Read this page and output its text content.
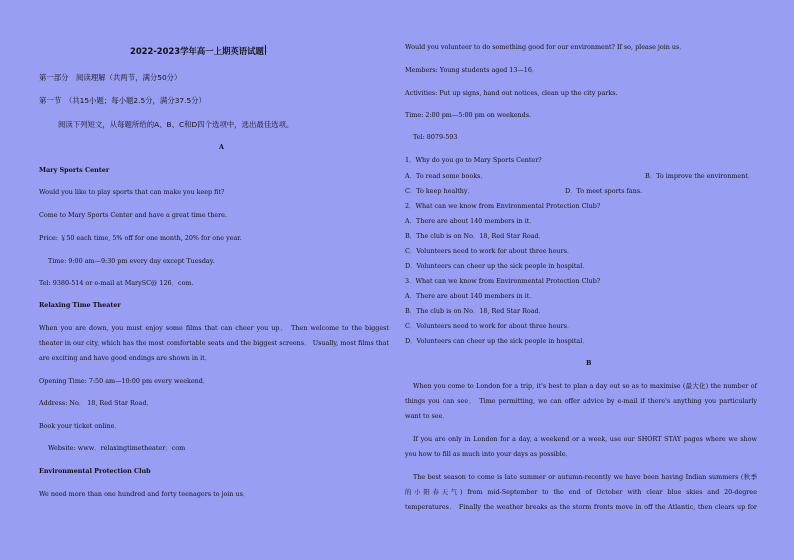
2022-2023学年高一上期英语试题
第一部分　阅读理解（共两节，满分50分）
第一节　（共15小题；每小题2.5分，满分37.5分）
阅读下列短文，从每题所给的A、B、C和D四个选项中，选出最佳选项。
A
Mary Sports Center
Would you like to play sports that can make you keep fit?
Come to Mary Sports Center and have a great time there.
Price: ￥50 each time, 5% off for one month, 20% for one year.
Time: 9:00 am—9:30 pm every day except Tuesday.
Tel: 9380-514 or e-mail at MarySC@ 126．com.
Relaxing Time Theater
When you are down, you must enjoy some films that can cheer you up． Then welcome to the biggest
theater in our city, which has the most comfortable seats and the biggest screens． Usually, most films that
are exciting and have good endings are shown in it．
Opening Time: 7:50 am—10:00 pm every weekend．
Address: No． 18, Red Star Road．
Book your ticket online．
Website: www．relaxingtimetheater．com
Environmental Protection Club
We need more than one hundred and forty teenagers to join us．
Would you volunteer to do something good for our environment? If so, please join us．
Members: Young students aged 13—16．
Activities: Put up signs, hand out notices, clean up the city parks.
Time: 2:00 pm—5:00 pm on weekends.
Tel: 8079-593
1．Why do you go to Mary Sports Center?
A．To read some books．	B．To improve the environment．
C．To keep healthy．	D．To meet sports fans.
2．What can we know from Environmental Protection Club?
A．There are about 140 members in it．
B．The club is on No．18, Red Star Road．
C．Volunteers need to work for about three hours．
D．Volunteers can cheer up the sick people in hospital．
3．What can we know from Environmental Protection Club?
A．There are about 140 members in it．
B．The club is on No．18, Red Star Road．
C．Volunteers need to work for about three hours．
D．Volunteers can cheer up the sick people in hospital．
B
When you come to London for a trip, it's best to plan a day out so as to maximise (最大化) the number of
things you can see． Time permitting, we can offer advice by e-mail if there's anything you particularly
want to see．
If you are only in London for a day, a weekend or a week, use our SHORT STAY pages where we show
you how to fill as much into your days as possible．
The best season to come is late summer or autumn-recently we have been having Indian summers (秋季
的小阳春天气) from mid-September to the end of October with clear blue skies and 20-degree
temperatures． Finally the weather breaks as the storm fronts move in off the Atlantic, then clears up for
